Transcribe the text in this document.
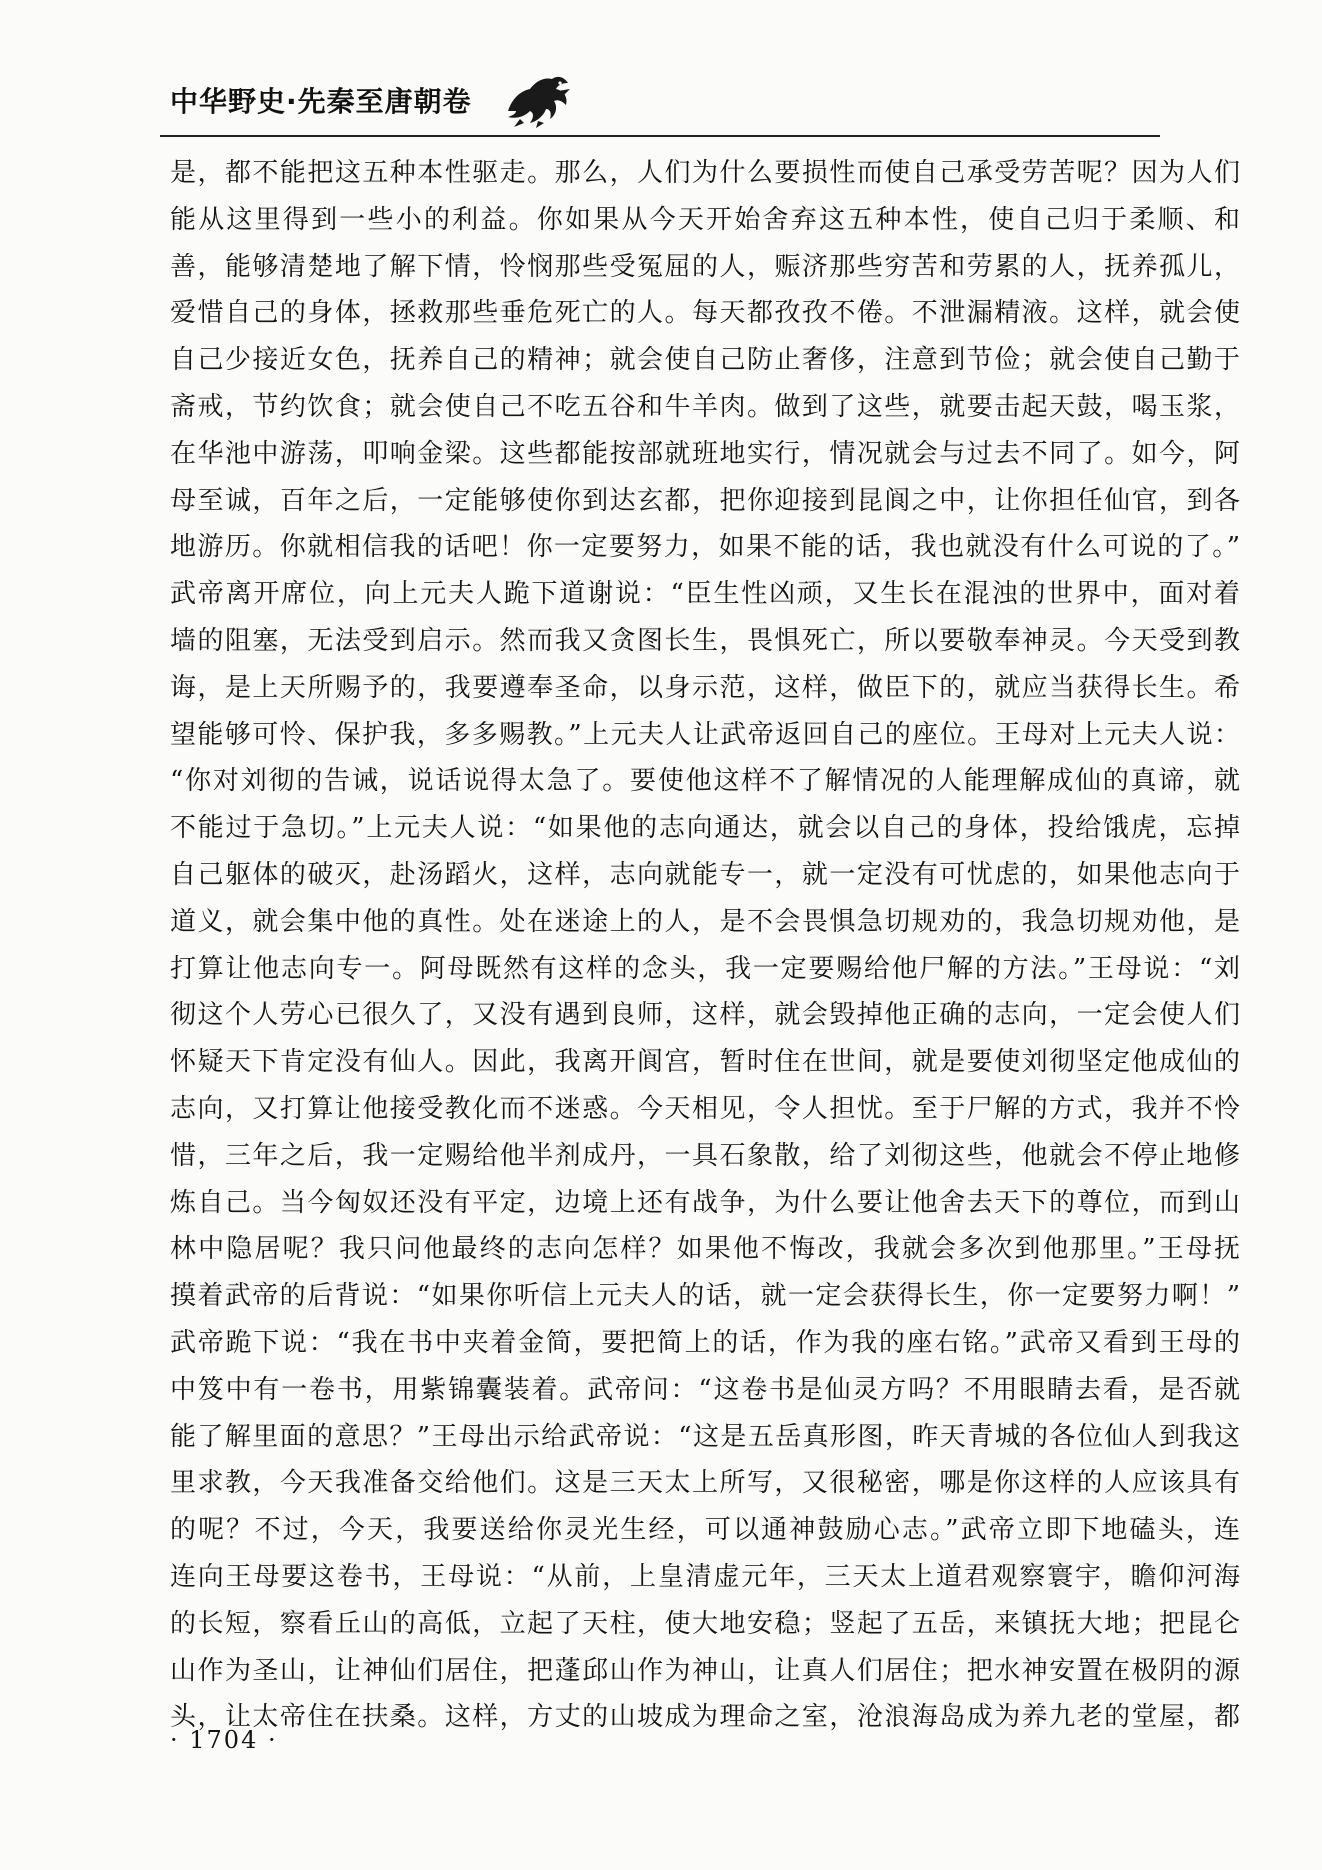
中华野史·先秦至唐朝卷
是，都不能把这五种本性驱走。那么，人们为什么要损性而使自己承受劳苦呢？因为人们
能从这里得到一些小的利益。你如果从今天开始舍弃这五种本性，使自己归于柔顺、和
善，能够清楚地了解下情，怜悯那些受冤屈的人，赈济那些穷苦和劳累的人，抚养孤儿，
爱惜自己的身体，拯救那些垂危死亡的人。每天都孜孜不倦。不泄漏精液。这样，就会使
自己少接近女色，抚养自己的精神；就会使自己防止奢侈，注意到节俭；就会使自己勤于
斋戒，节约饮食；就会使自己不吃五谷和牛羊肉。做到了这些，就要击起天鼓，喝玉浆，
在华池中游荡，叩响金梁。这些都能按部就班地实行，情况就会与过去不同了。如今，阿
母至诚，百年之后，一定能够使你到达玄都，把你迎接到昆阆之中，让你担任仙官，到各
地游历。你就相信我的话吧！你一定要努力，如果不能的话，我也就没有什么可说的了。”
武帝离开席位，向上元夫人跪下道谢说：“臣生性凶顽，又生长在混浊的世界中，面对着
墙的阻塞，无法受到启示。然而我又贪图长生，畏惧死亡，所以要敬奉神灵。今天受到教
诲，是上天所赐予的，我要遵奉圣命，以身示范，这样，做臣下的，就应当获得长生。希
望能够可怜、保护我，多多赐教。”上元夫人让武帝返回自己的座位。王母对上元夫人说：
“你对刘彻的告诫，说话说得太急了。要使他这样不了解情况的人能理解成仙的真谛，就
不能过于急切。”上元夫人说：“如果他的志向通达，就会以自己的身体，投给饿虎，忘掉
自己躯体的破灭，赴汤蹈火，这样，志向就能专一，就一定没有可忧虑的，如果他志向于
道义，就会集中他的真性。处在迷途上的人，是不会畏惧急切规劝的，我急切规劝他，是
打算让他志向专一。阿母既然有这样的念头，我一定要赐给他尸解的方法。”王母说：“刘
彻这个人劳心已很久了，又没有遇到良师，这样，就会毁掉他正确的志向，一定会使人们
怀疑天下肯定没有仙人。因此，我离开阆宫，暂时住在世间，就是要使刘彻坚定他成仙的
志向，又打算让他接受教化而不迷惑。今天相见，令人担忧。至于尸解的方式，我并不怜
惜，三年之后，我一定赐给他半剂成丹，一具石象散，给了刘彻这些，他就会不停止地修
炼自己。当今匈奴还没有平定，边境上还有战争，为什么要让他舍去天下的尊位，而到山
林中隐居呢？我只问他最终的志向怎样？如果他不悔改，我就会多次到他那里。”王母抚
摸着武帝的后背说：“如果你听信上元夫人的话，就一定会获得长生，你一定要努力啊！”
武帝跪下说：“我在书中夹着金简，要把简上的话，作为我的座右铭。”武帝又看到王母的
中笈中有一卷书，用紫锦囊装着。武帝问：“这卷书是仙灵方吗？不用眼睛去看，是否就
能了解里面的意思？”王母出示给武帝说：“这是五岳真形图，昨天青城的各位仙人到我这
里求教，今天我准备交给他们。这是三天太上所写，又很秘密，哪是你这样的人应该具有
的呢？不过，今天，我要送给你灵光生经，可以通神鼓励心志。”武帝立即下地磕头，连
连向王母要这卷书，王母说：“从前，上皇清虚元年，三天太上道君观察寰宇，瞻仰河海
的长短，察看丘山的高低，立起了天柱，使大地安稳；竖起了五岳，来镇抚大地；把昆仑
山作为圣山，让神仙们居住，把蓬邱山作为神山，让真人们居住；把水神安置在极阴的源
头，让太帝住在扶桑。这样，方丈的山坡成为理命之室，沧浪海岛成为养九老的堂屋，都
· 1704 ·
